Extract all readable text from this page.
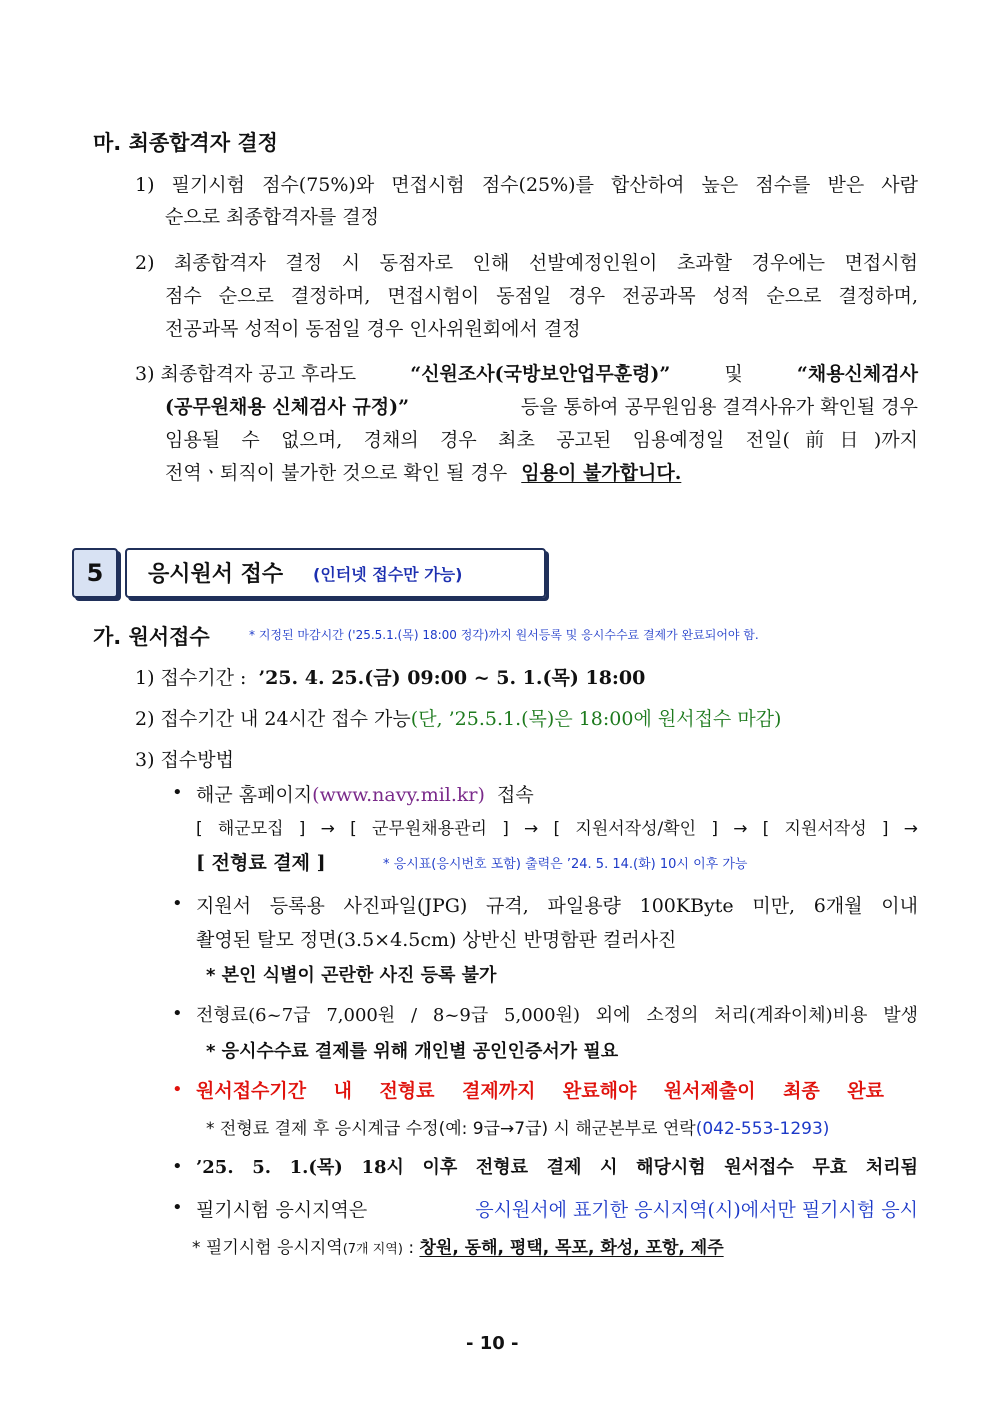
마. 최종합격자 결정
1) 필기시험 점수(75%)와 면접시험 점수(25%)를 합산하여 높은 점수를 받은 사람
순으로 최종합격자를 결정
2) 최종합격자 결정 시 동점자로 인해 선발예정인원이 초과할 경우에는 면접시험
점수 순으로 결정하며, 면접시험이 동점일 경우 전공과목 성적 순으로 결정하며,
전공과목 성적이 동점일 경우 인사위원회에서 결정
3) 최종합격자 공고 후라도	“신원조사(국방보안업무훈령)”	및	“채용신체검사
(공무원채용 신체검사 규정)”	등을 통하여 공무원임용 결격사유가 확인될 경우
임용될 수 없으며, 경채의 경우 최초 공고된 임용예정일 전일(前日)까지
전역ㆍ퇴직이 불가한 것으로 확인 될 경우 임용이 불가합니다.
5	응시원서 접수 (인터넷 접수만 가능)
가. 원서접수	* 지정된 마감시간 ('25.5.1.(목) 18:00 정각)까지 원서등록 및 응시수수료 결제가 완료되어야 함.
1) 접수기간 : ’25. 4. 25.(금) 09:00 ~ 5. 1.(목) 18:00
2) 접수기간 내 24시간 접수 가능(단, ’25.5.1.(목)은 18:00에 원서접수 마감)
3) 접수방법
• 해군 홈페이지(www.navy.mil.kr) 접속
[ 해군모집 ] → [ 군무원채용관리 ] → [ 지원서작성/확인 ] → [ 지원서작성 ] →
[ 전형료 결제 ]	* 응시표(응시번호 포함) 출력은 ’24. 5. 14.(화) 10시 이후 가능
• 지원서 등록용 사진파일(JPG) 규격, 파일용량 100KByte 미만, 6개월 이내
촬영된 탈모 정면(3.5×4.5cm) 상반신 반명함판 컬러사진
* 본인 식별이 곤란한 사진 등록 불가
• 전형료(6~7급 7,000원 / 8~9급 5,000원) 외에 소정의 처리(계좌이체)비용 발생
* 응시수수료 결제를 위해 개인별 공인인증서가 필요
• 원서접수기간 내 전형료 결제까지 완료해야 원서제출이 최종 완료
* 전형료 결제 후 응시계급 수정(예: 9급→7급) 시 해군본부로 연락(042-553-1293)
• ’25. 5. 1.(목) 18시 이후 전형료 결제 시 해당시험 원서접수 무효 처리됨
• 필기시험 응시지역은	응시원서에 표기한 응시지역(시)에서만 필기시험 응시
* 필기시험 응시지역(7개 지역) : 창원, 동해, 평택, 목포, 화성, 포항, 제주
- 10 -
